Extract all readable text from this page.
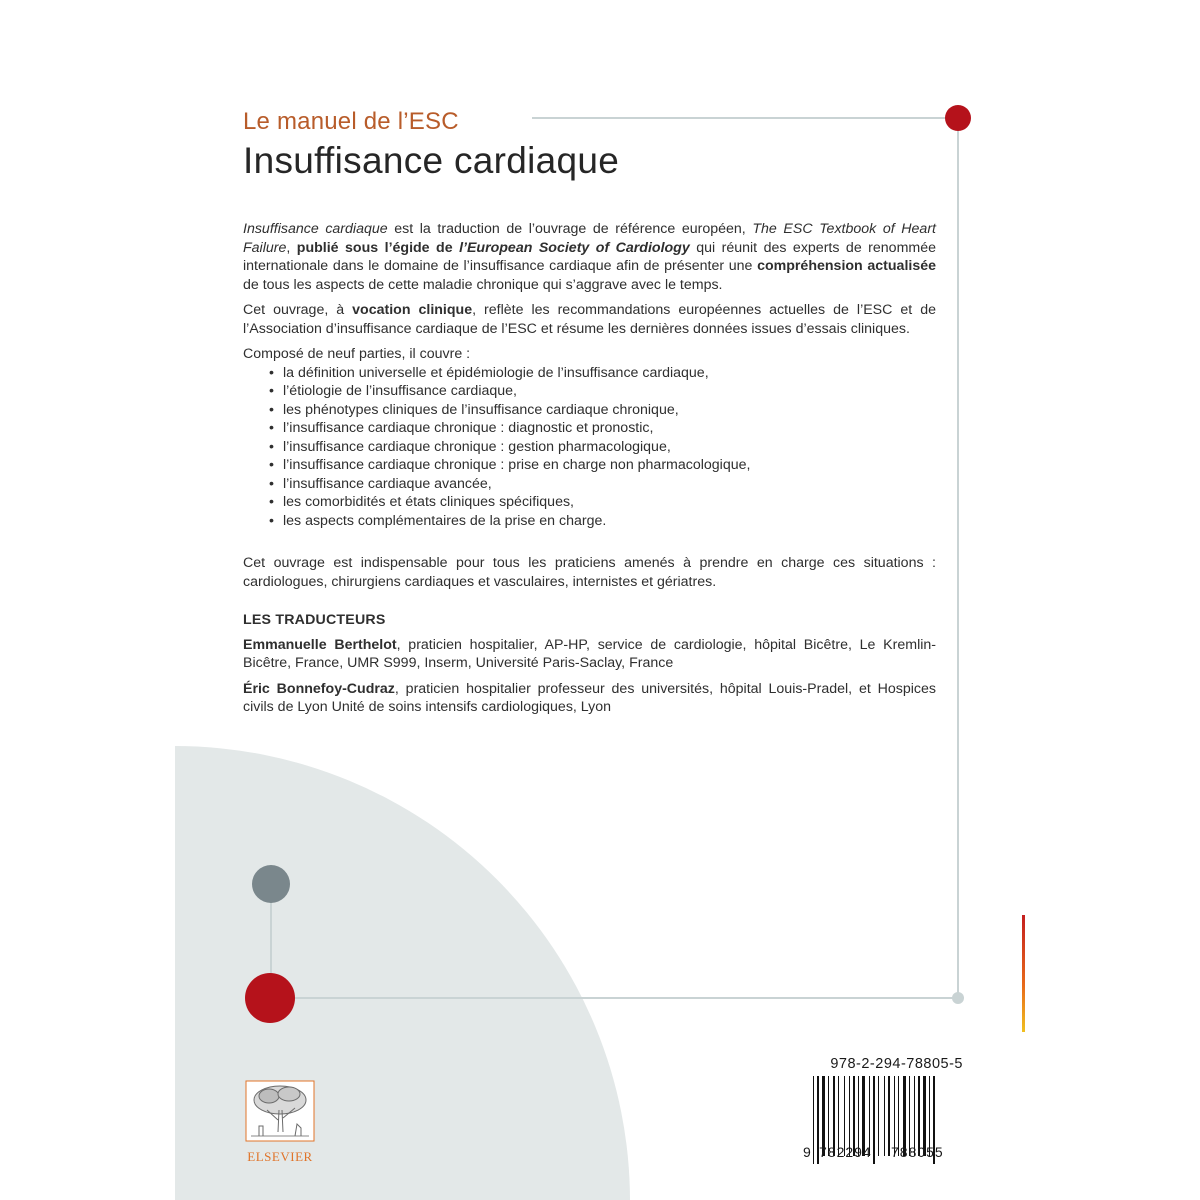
Le manuel de l’ESC
Insuffisance cardiaque

Insuffisance cardiaque est la traduction de l’ouvrage de référence européen, The ESC Textbook of Heart Failure, publié sous l’égide de l’European Society of Cardiology qui réunit des experts de renommée internationale dans le domaine de l’insuffisance cardiaque afin de présenter une compréhension actualisée de tous les aspects de cette maladie chronique qui s’aggrave avec le temps.

Cet ouvrage, à vocation clinique, reflète les recommandations européennes actuelles de l’ESC et de l’Association d’insuffisance cardiaque de l’ESC et résume les dernières données issues d’essais cliniques.

Composé de neuf parties, il couvre :
• la définition universelle et épidémiologie de l’insuffisance cardiaque,
• l’étiologie de l’insuffisance cardiaque,
• les phénotypes cliniques de l’insuffisance cardiaque chronique,
• l’insuffisance cardiaque chronique : diagnostic et pronostic,
• l’insuffisance cardiaque chronique : gestion pharmacologique,
• l’insuffisance cardiaque chronique : prise en charge non pharmacologique,
• l’insuffisance cardiaque avancée,
• les comorbidités et états cliniques spécifiques,
• les aspects complémentaires de la prise en charge.

Cet ouvrage est indispensable pour tous les praticiens amenés à prendre en charge ces situations : cardiologues, chirurgiens cardiaques et vasculaires, internistes et gériatres.

LES TRADUCTEURS

Emmanuelle Berthelot, praticien hospitalier, AP-HP, service de cardiologie, hôpital Bicêtre, Le Kremlin-Bicêtre, France, UMR S999, Inserm, Université Paris-Saclay, France

Éric Bonnefoy-Cudraz, praticien hospitalier professeur des universités, hôpital Louis-Pradel, et Hospices civils de Lyon Unité de soins intensifs cardiologiques, Lyon

ELSEVIER
978-2-294-78805-5
9 782294 788055
